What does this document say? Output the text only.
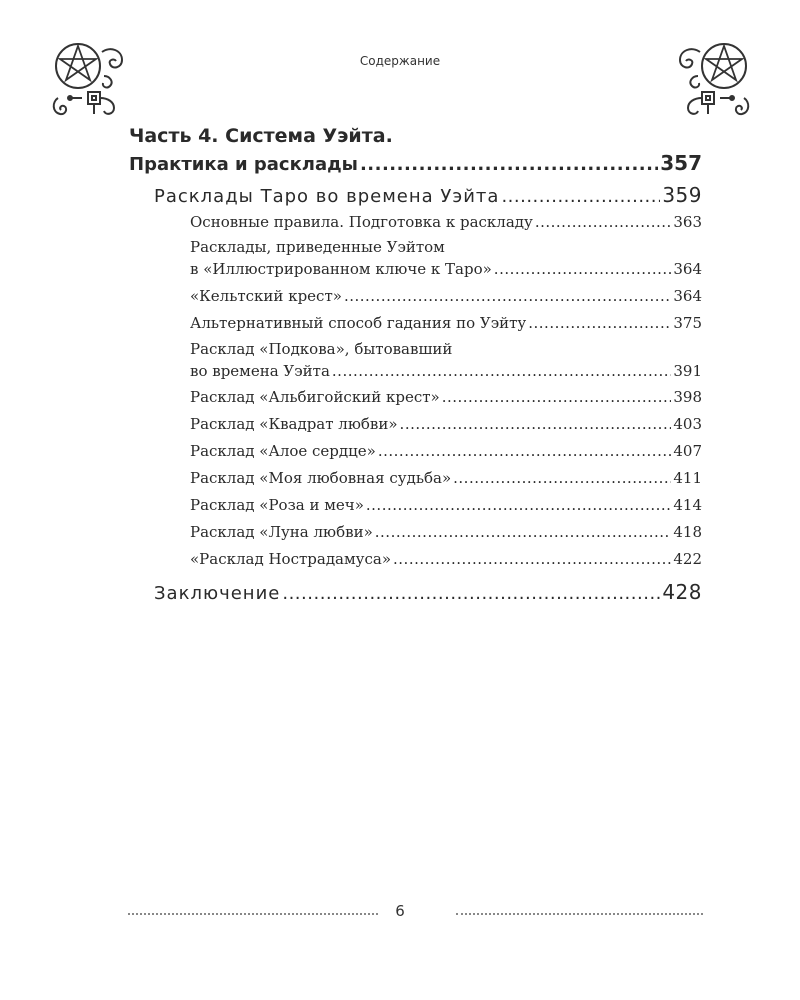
Содержание
Часть 4. Система Уэйта.
Практика и расклады .....	357
Расклады Таро во времена Уэйта .....	359
Основные правила. Подготовка к раскладу .....	363
Расклады, приведенные Уэйтом
в «Иллюстрированном ключе к Таро» .....	364
«Кельтский крест» .....	364
Альтернативный способ гадания по Уэйту .....	375
Расклад «Подкова», бытовавший
во времена Уэйта .....	391
Расклад «Альбигойский крест» .....	398
Расклад «Квадрат любви» .....	403
Расклад «Алое сердце» .....	407
Расклад «Моя любовная судьба» .....	411
Расклад «Роза и меч» .....	414
Расклад «Луна любви» .....	418
«Расклад Нострадамуса» .....	422
Заключение .....	428
6
